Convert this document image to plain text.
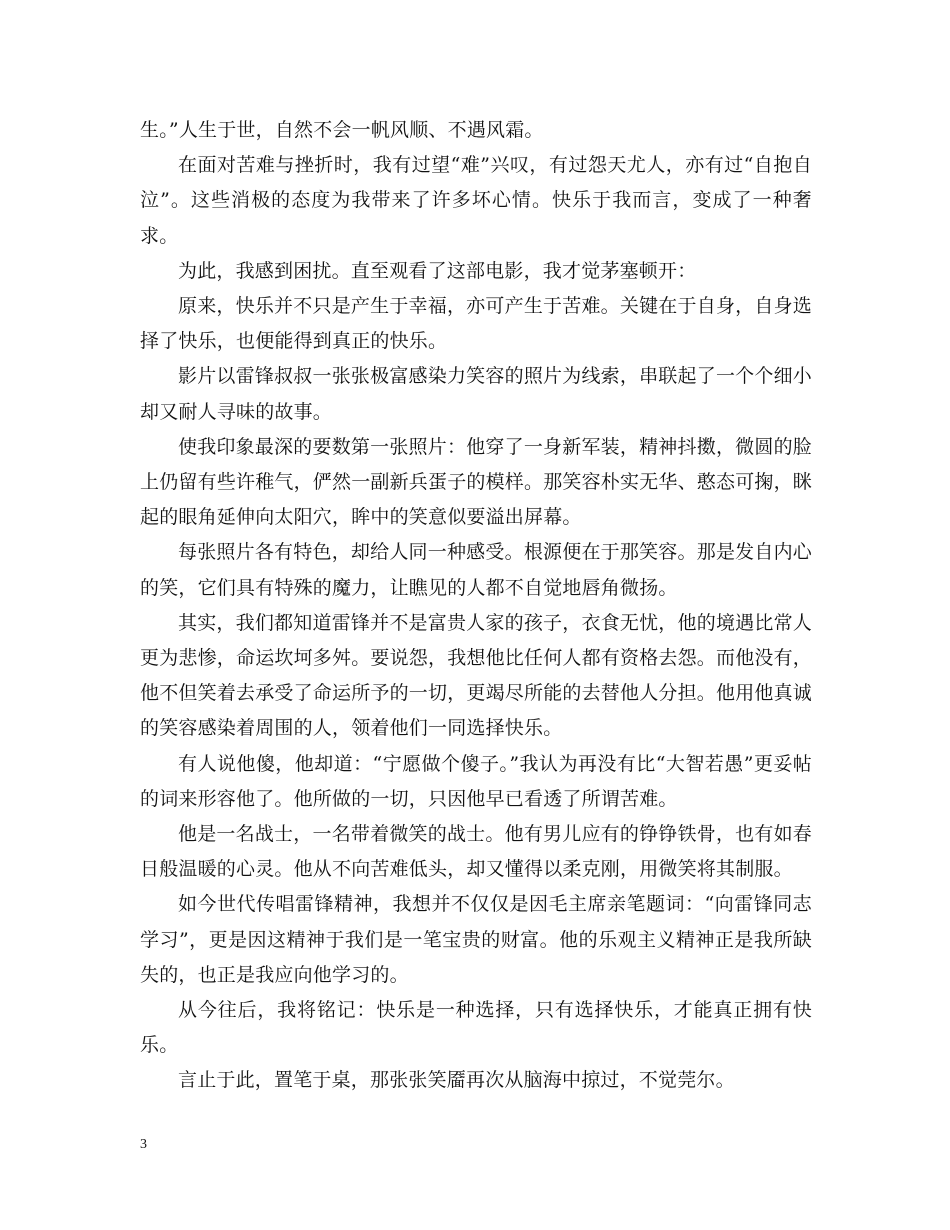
生。”人生于世，自然不会一帆风顺、不遇风霜。

在面对苦难与挫折时，我有过望“难”兴叹，有过怨天尤人，亦有过“自抱自泣”。这些消极的态度为我带来了许多坏心情。快乐于我而言，变成了一种奢求。

为此，我感到困扰。直至观看了这部电影，我才觉茅塞顿开：

原来，快乐并不只是产生于幸福，亦可产生于苦难。关键在于自身，自身选择了快乐，也便能得到真正的快乐。

影片以雷锋叔叔一张张极富感染力笑容的照片为线索，串联起了一个个细小却又耐人寻味的故事。

使我印象最深的要数第一张照片：他穿了一身新军装，精神抖擞，微圆的脸上仍留有些许稚气，俨然一副新兵蛋子的模样。那笑容朴实无华、憨态可掬，眯起的眼角延伸向太阳穴，眸中的笑意似要溢出屏幕。

每张照片各有特色，却给人同一种感受。根源便在于那笑容。那是发自内心的笑，它们具有特殊的魔力，让瞧见的人都不自觉地唇角微扬。

其实，我们都知道雷锋并不是富贵人家的孩子，衣食无忧，他的境遇比常人更为悲惨，命运坎坷多舛。要说怨，我想他比任何人都有资格去怨。而他没有，他不但笑着去承受了命运所予的一切，更竭尽所能的去替他人分担。他用他真诚的笑容感染着周围的人，领着他们一同选择快乐。

有人说他傻，他却道：“宁愿做个傻子。”我认为再没有比“大智若愚”更妥帖的词来形容他了。他所做的一切，只因他早已看透了所谓苦难。

他是一名战士，一名带着微笑的战士。他有男儿应有的铮铮铁骨，也有如春日般温暖的心灵。他从不向苦难低头，却又懂得以柔克刚，用微笑将其制服。

如今世代传唱雷锋精神，我想并不仅仅是因毛主席亲笔题词：“向雷锋同志学习”，更是因这精神于我们是一笔宝贵的财富。他的乐观主义精神正是我所缺失的，也正是我应向他学习的。

从今往后，我将铭记：快乐是一种选择，只有选择快乐，才能真正拥有快乐。

言止于此，置笔于桌，那张张笑靥再次从脑海中掠过，不觉莞尔。

3
